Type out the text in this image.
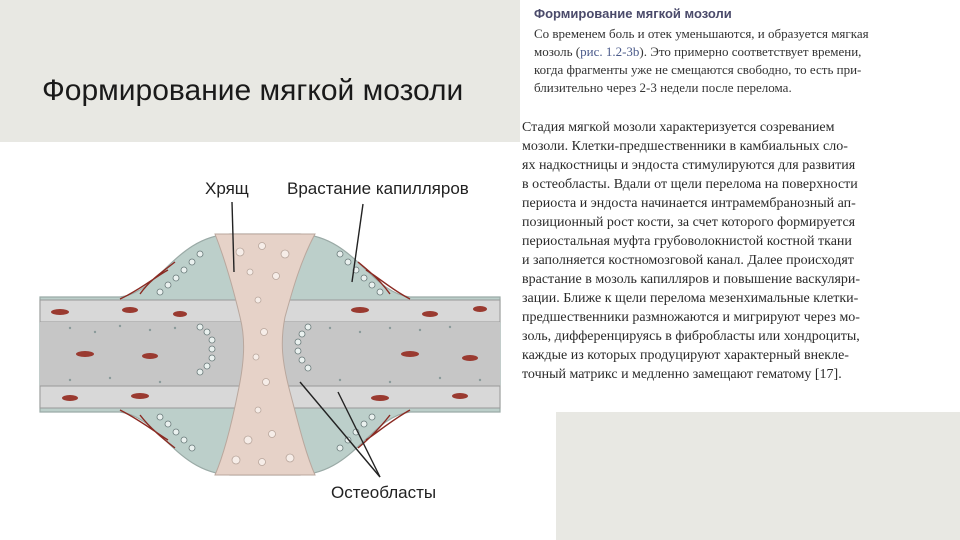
Формирование мягкой мозоли
Хрящ Врастание капилляров
Остеобласты
Формирование мягкой мозоли
Со временем боль и отек уменьшаются, и образуется мягкая
мозоль (рис. 1.2-3b). Это примерно соответствует времени,
когда фрагменты уже не смещаются свободно, то есть при-
близительно через 2-3 недели после перелома.
Стадия мягкой мозоли характеризуется созреванием
мозоли. Клетки-предшественники в камбиальных сло-
ях надкостницы и эндоста стимулируются для развития
в остеобласты. Вдали от щели перелома на поверхности
периоста и эндоста начинается интрамембранозный ап-
позиционный рост кости, за счет которого формируется
периостальная муфта грубоволокнистой костной ткани
и заполняется костномозговой канал. Далее происходят
врастание в мозоль капилляров и повышение васкуляри-
зации. Ближе к щели перелома мезенхимальные клетки-
предшественники размножаются и мигрируют через мо-
золь, дифференцируясь в фибробласты или хондроциты,
каждые из которых продуцируют характерный внекле-
точный матрикс и медленно замещают гематому [17].
